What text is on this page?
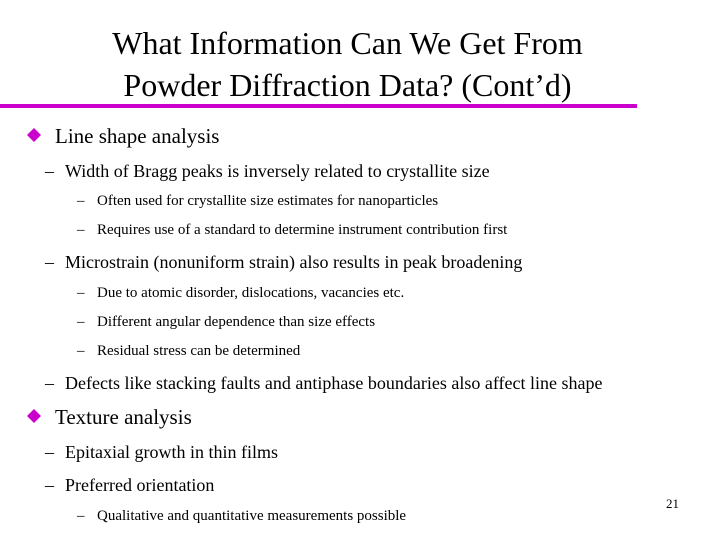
What Information Can We Get From
Powder Diffraction Data? (Cont’d)
Line shape analysis
– Width of Bragg peaks is inversely related to crystallite size
– Often used for crystallite size estimates for nanoparticles
– Requires use of a standard to determine instrument contribution first
– Microstrain (nonuniform strain) also results in peak broadening
– Due to atomic disorder, dislocations, vacancies etc.
– Different angular dependence than size effects
– Residual stress can be determined
– Defects like stacking faults and antiphase boundaries also affect line shape
Texture analysis
– Epitaxial growth in thin films
– Preferred orientation
– Qualitative and quantitative measurements possible
21
